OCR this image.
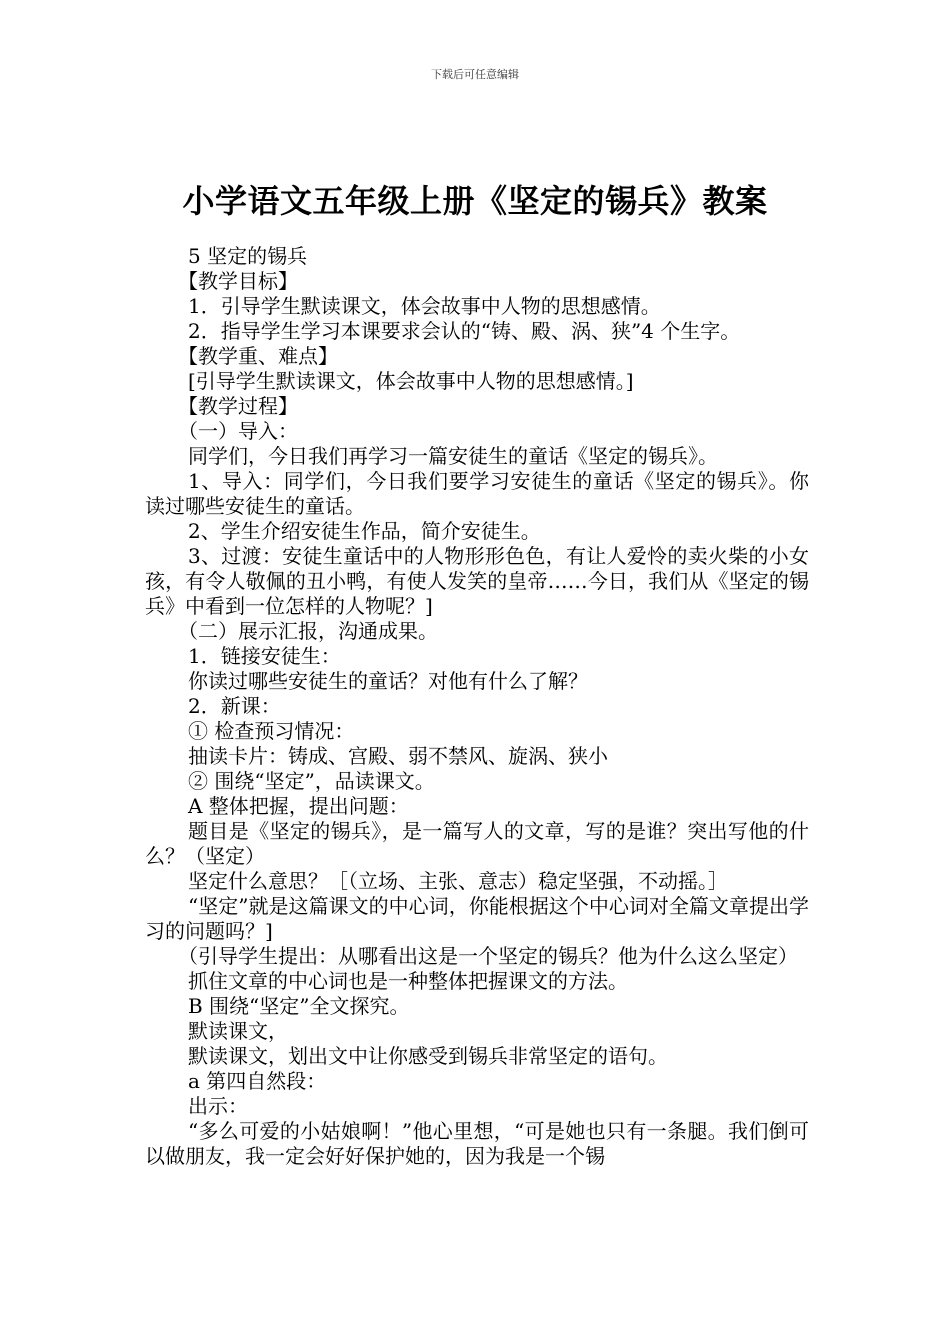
下载后可任意编辑
小学语文五年级上册《坚定的锡兵》教案

5 坚定的锡兵

【教学目标】

1．引导学生默读课文，体会故事中人物的思想感情。

2．指导学生学习本课要求会认的“铸、殿、涡、狭”4 个生字。

【教学重、难点】

[引导学生默读课文，体会故事中人物的思想感情。]

【教学过程】

（一）导入：

同学们，今日我们再学习一篇安徒生的童话《坚定的锡兵》。

1、导入：同学们，今日我们要学习安徒生的童话《坚定的锡兵》。你读过哪些安徒生的童话。

2、学生介绍安徒生作品，简介安徒生。

3、过渡：安徒生童话中的人物形形色色，有让人爱怜的卖火柴的小女孩，有令人敬佩的丑小鸭，有使人发笑的皇帝……今日，我们从《坚定的锡兵》中看到一位怎样的人物呢？]

（二）展示汇报，沟通成果。

1．链接安徒生：

你读过哪些安徒生的童话？对他有什么了解？

2．新课：

① 检查预习情况：

抽读卡片：铸成、宫殿、弱不禁风、旋涡、狭小

② 围绕“坚定”，品读课文。

A 整体把握，提出问题：

题目是《坚定的锡兵》，是一篇写人的文章，写的是谁？突出写他的什么？（坚定）

坚定什么意思？［（立场、主张、意志）稳定坚强，不动摇。］

“坚定”就是这篇课文的中心词，你能根据这个中心词对全篇文章提出学习的问题吗？]

（引导学生提出：从哪看出这是一个坚定的锡兵？他为什么这么坚定）

抓住文章的中心词也是一种整体把握课文的方法。

B 围绕“坚定”全文探究。

默读课文，

默读课文，划出文中让你感受到锡兵非常坚定的语句。

a 第四自然段：

出示：

“多么可爱的小姑娘啊！”他心里想，“可是她也只有一条腿。我们倒可以做朋友，我一定会好好保护她的，因为我是一个锡
